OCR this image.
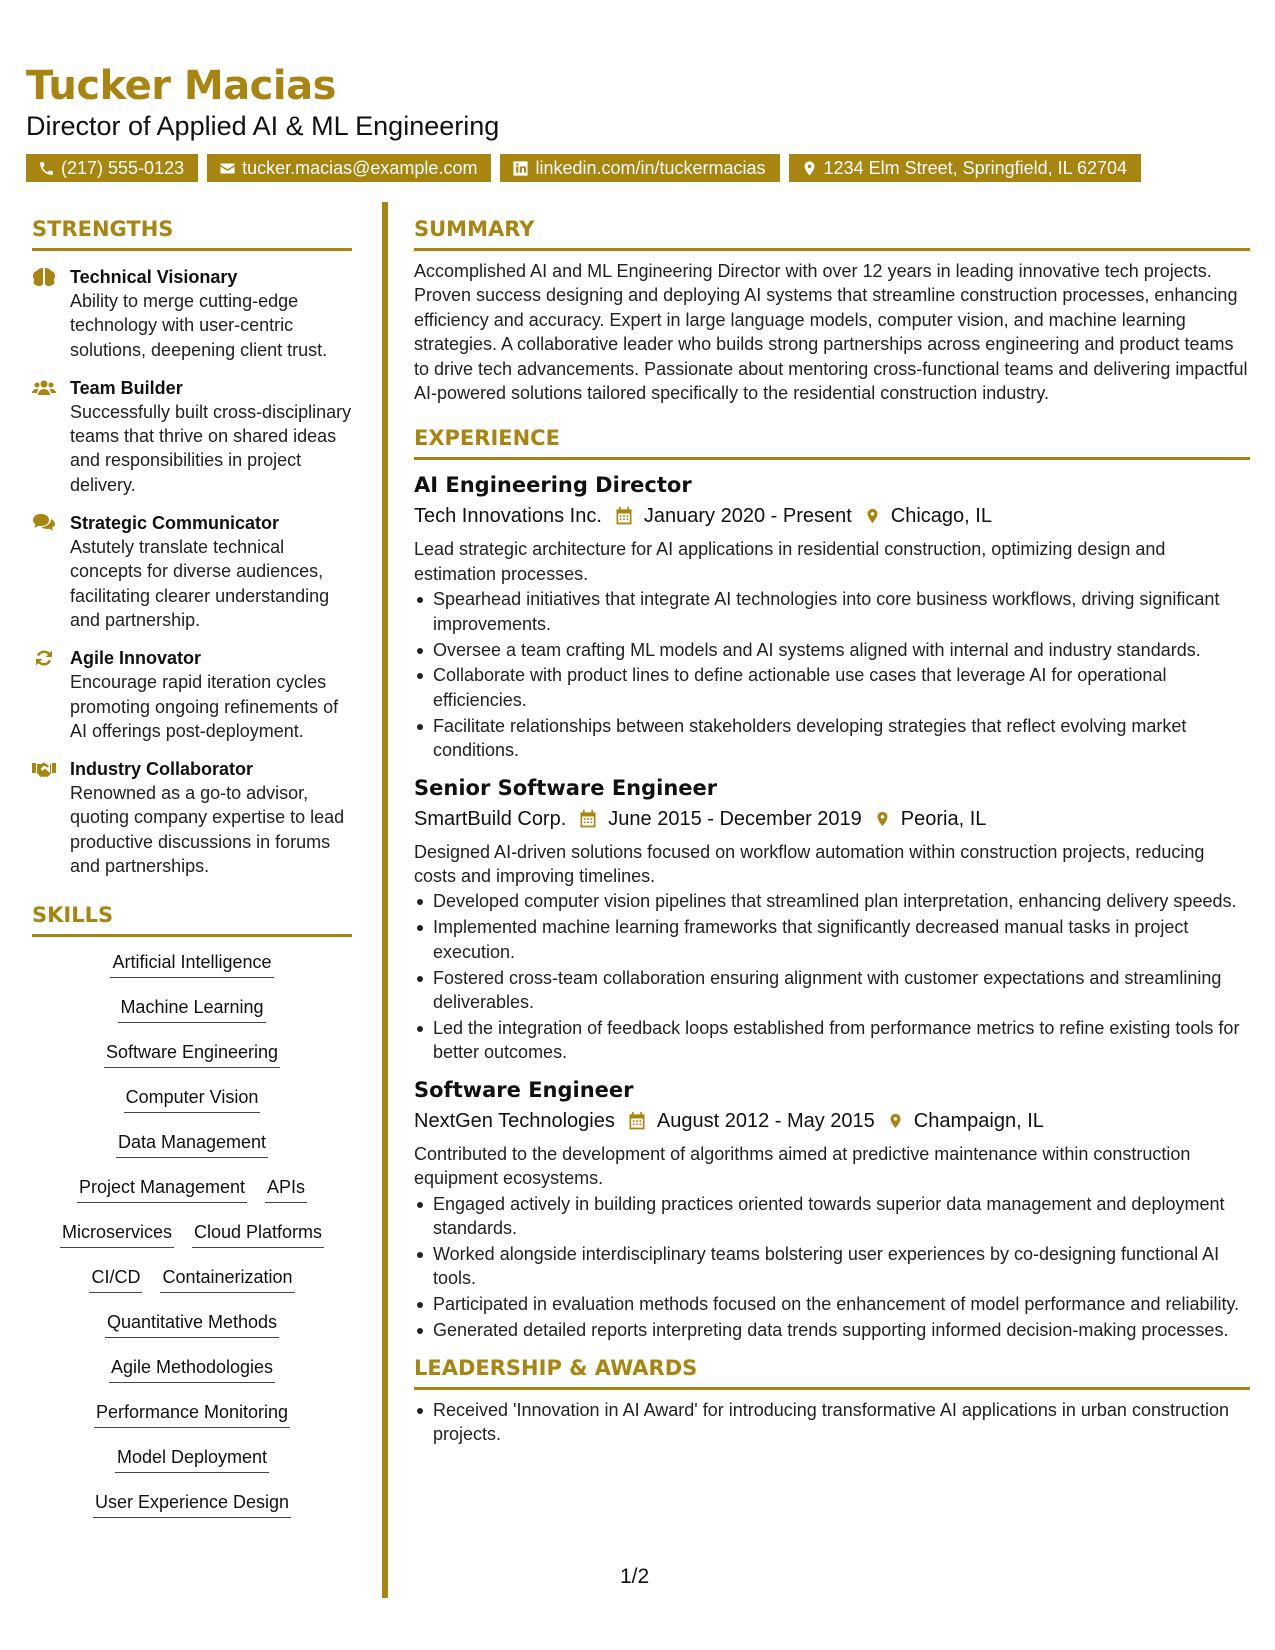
Tucker Macias
Director of Applied AI & ML Engineering
(217) 555-0123	tucker.macias@example.com	linkedin.com/in/tuckermacias	1234 Elm Street, Springfield, IL 62704
STRENGTHS
Technical Visionary
Ability to merge cutting-edge technology with user-centric solutions, deepening client trust.
Team Builder
Successfully built cross-disciplinary teams that thrive on shared ideas and responsibilities in project delivery.
Strategic Communicator
Astutely translate technical concepts for diverse audiences, facilitating clearer understanding and partnership.
Agile Innovator
Encourage rapid iteration cycles promoting ongoing refinements of AI offerings post-deployment.
Industry Collaborator
Renowned as a go-to advisor, quoting company expertise to lead productive discussions in forums and partnerships.
SKILLS
Artificial Intelligence
Machine Learning
Software Engineering
Computer Vision
Data Management
Project Management APIs
Microservices Cloud Platforms
CI/CD Containerization
Quantitative Methods
Agile Methodologies
Performance Monitoring
Model Deployment
User Experience Design
SUMMARY
Accomplished AI and ML Engineering Director with over 12 years in leading innovative tech projects. Proven success designing and deploying AI systems that streamline construction processes, enhancing efficiency and accuracy. Expert in large language models, computer vision, and machine learning strategies. A collaborative leader who builds strong partnerships across engineering and product teams to drive tech advancements. Passionate about mentoring cross-functional teams and delivering impactful AI-powered solutions tailored specifically to the residential construction industry.
EXPERIENCE
AI Engineering Director
Tech Innovations Inc. January 2020 - Present Chicago, IL
Lead strategic architecture for AI applications in residential construction, optimizing design and estimation processes.
Spearhead initiatives that integrate AI technologies into core business workflows, driving significant improvements.
Oversee a team crafting ML models and AI systems aligned with internal and industry standards.
Collaborate with product lines to define actionable use cases that leverage AI for operational efficiencies.
Facilitate relationships between stakeholders developing strategies that reflect evolving market conditions.
Senior Software Engineer
SmartBuild Corp. June 2015 - December 2019 Peoria, IL
Designed AI-driven solutions focused on workflow automation within construction projects, reducing costs and improving timelines.
Developed computer vision pipelines that streamlined plan interpretation, enhancing delivery speeds.
Implemented machine learning frameworks that significantly decreased manual tasks in project execution.
Fostered cross-team collaboration ensuring alignment with customer expectations and streamlining deliverables.
Led the integration of feedback loops established from performance metrics to refine existing tools for better outcomes.
Software Engineer
NextGen Technologies August 2012 - May 2015 Champaign, IL
Contributed to the development of algorithms aimed at predictive maintenance within construction equipment ecosystems.
Engaged actively in building practices oriented towards superior data management and deployment standards.
Worked alongside interdisciplinary teams bolstering user experiences by co-designing functional AI tools.
Participated in evaluation methods focused on the enhancement of model performance and reliability.
Generated detailed reports interpreting data trends supporting informed decision-making processes.
LEADERSHIP & AWARDS
Received 'Innovation in AI Award' for introducing transformative AI applications in urban construction projects.
1/2
